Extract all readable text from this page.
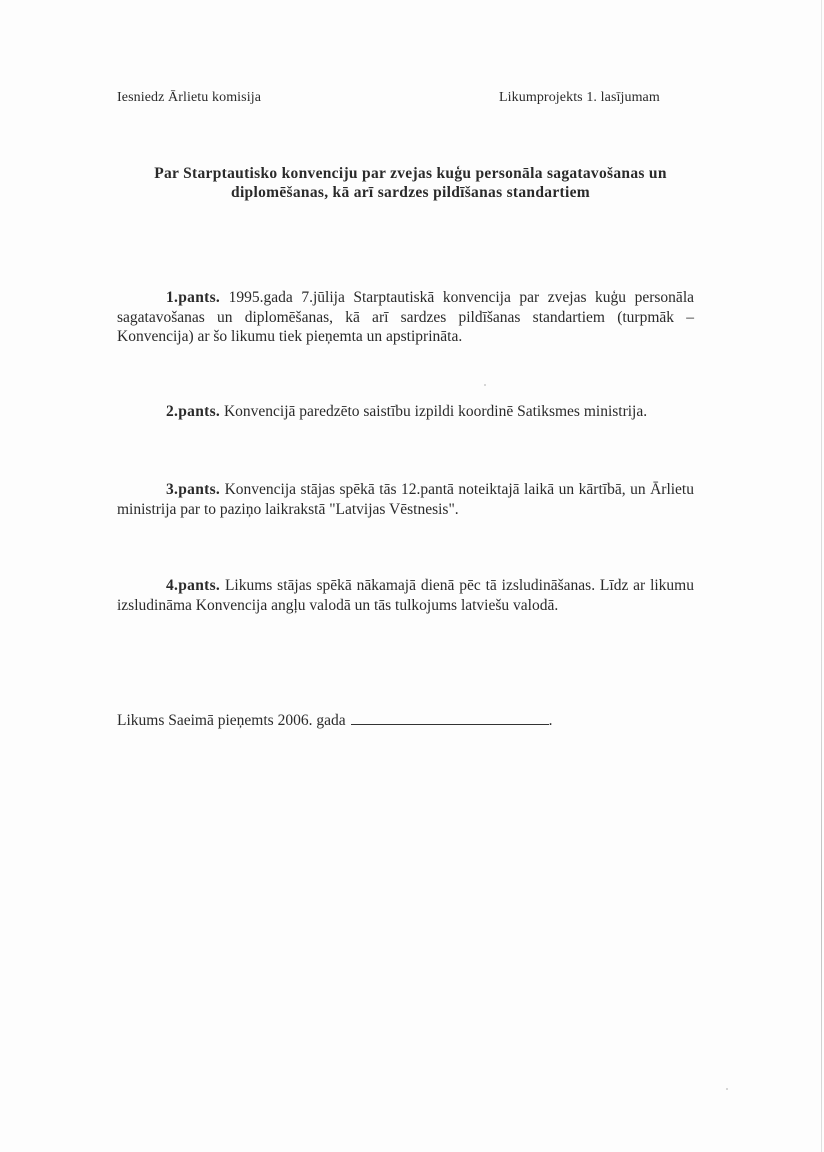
Iesniedz Ārlietu komisija	Likumprojekts 1. lasījumam
Par Starptautisko konvenciju par zvejas kuģu personāla sagatavošanas un diplomēšanas, kā arī sardzes pildīšanas standartiem
1.pants. 1995.gada 7.jūlija Starptautiskā konvencija par zvejas kuģu personāla sagatavošanas un diplomēšanas, kā arī sardzes pildīšanas standartiem (turpmāk – Konvencija) ar šo likumu tiek pieņemta un apstiprināta.
2.pants. Konvencijā paredzēto saistību izpildi koordinē Satiksmes ministrija.
3.pants. Konvencija stājas spēkā tās 12.pantā noteiktajā laikā un kārtībā, un Ārlietu ministrija par to paziņo laikrakstā "Latvijas Vēstnesis".
4.pants. Likums stājas spēkā nākamajā dienā pēc tā izsludināšanas. Līdz ar likumu izsludināma Konvencija angļu valodā un tās tulkojums latviešu valodā.
Likums Saeimā pieņemts 2006. gada	.
